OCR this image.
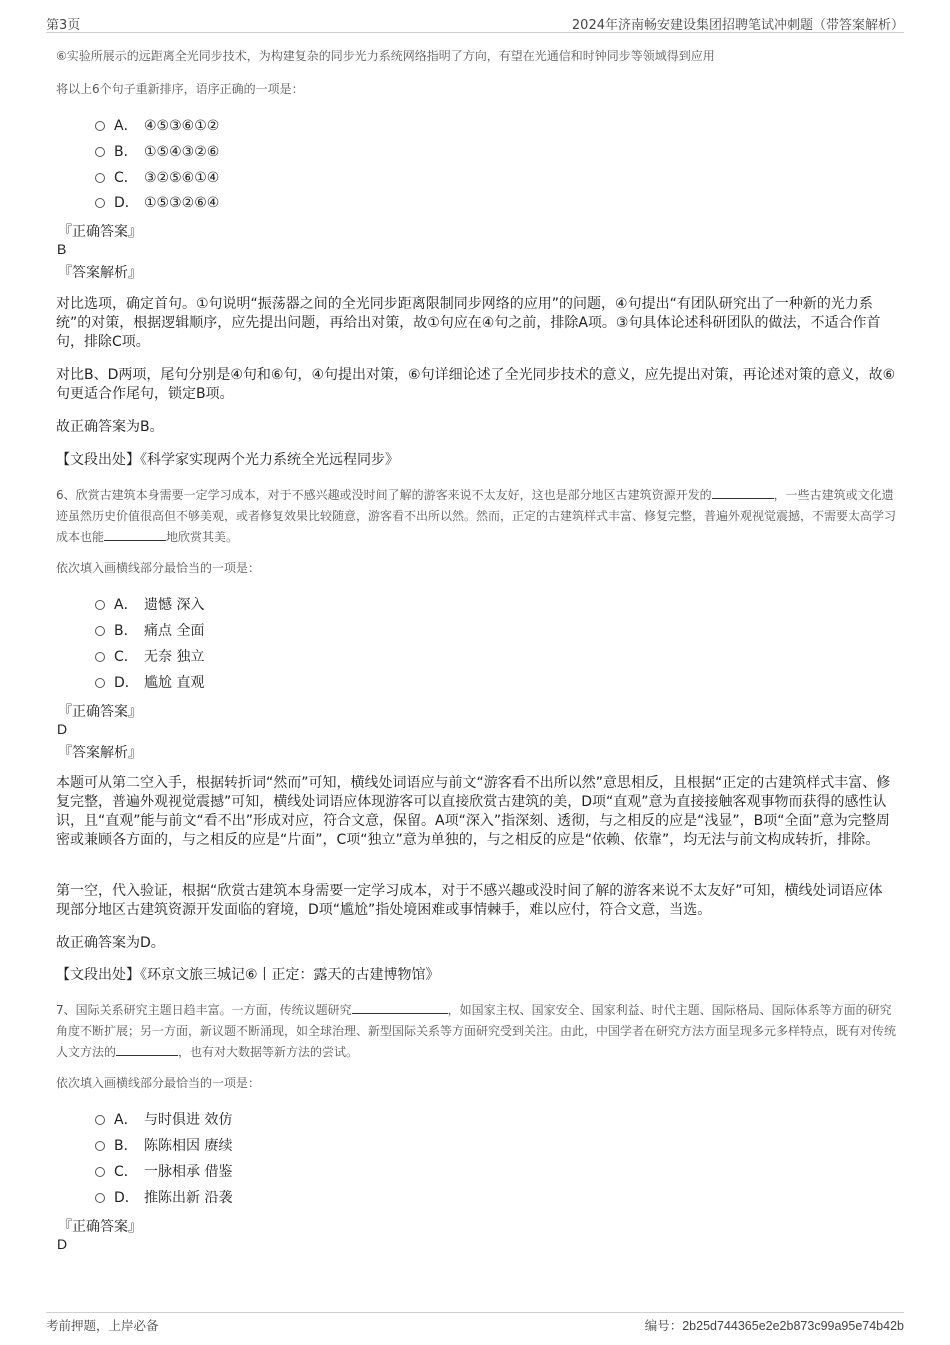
第3页	2024年济南畅安建设集团招聘笔试冲刺题（带答案解析）
⑥实验所展示的远距离全光同步技术，为构建复杂的同步光力系统网络指明了方向，有望在光通信和时钟同步等领域得到应用
将以上6个句子重新排序，语序正确的一项是：
A． ④⑤③⑥①②
B． ①⑤④③②⑥
C． ③②⑤⑥①④
D． ①⑤③②⑥④
『正确答案』
B
『答案解析』
对比选项，确定首句。①句说明“振荡器之间的全光同步距离限制同步网络的应用”的问题，④句提出“有团队研究出了一种新的光力系统”的对策，根据逻辑顺序，应先提出问题，再给出对策，故①句应在④句之前，排除A项。③句具体论述科研团队的做法，不适合作首句，排除C项。
对比B、D两项，尾句分别是④句和⑥句，④句提出对策，⑥句详细论述了全光同步技术的意义，应先提出对策，再论述对策的意义，故⑥句更适合作尾句，锁定B项。
故正确答案为B。
【文段出处】《科学家实现两个光力系统全光远程同步》
6、欣赏古建筑本身需要一定学习成本，对于不感兴趣或没时间了解的游客来说不太友好，这也是部分地区古建筑资源开发的	，一些古建筑或文化遗迹虽然历史价值很高但不够美观，或者修复效果比较随意，游客看不出所以然。然而，正定的古建筑样式丰富、修复完整，普遍外观视觉震撼，不需要太高学习成本也能	地欣赏其美。
依次填入画横线部分最恰当的一项是：
A． 遗憾 深入
B． 痛点 全面
C． 无奈 独立
D． 尴尬 直观
『正确答案』
D
『答案解析』
本题可从第二空入手，根据转折词“然而”可知，横线处词语应与前文“游客看不出所以然”意思相反，且根据“正定的古建筑样式丰富、修复完整，普遍外观视觉震撼”可知，横线处词语应体现游客可以直接欣赏古建筑的美，D项“直观”意为直接接触客观事物而获得的感性认识，且“直观”能与前文“看不出”形成对应，符合文意，保留。A项“深入”指深刻、透彻，与之相反的应是“浅显”，B项“全面”意为完整周密或兼顾各方面的，与之相反的应是“片面”，C项“独立”意为单独的，与之相反的应是“依赖、依靠”，均无法与前文构成转折，排除。
第一空，代入验证，根据“欣赏古建筑本身需要一定学习成本，对于不感兴趣或没时间了解的游客来说不太友好”可知，横线处词语应体现部分地区古建筑资源开发面临的窘境，D项“尴尬”指处境困难或事情棘手，难以应付，符合文意，当选。
故正确答案为D。
【文段出处】《环京文旅三城记⑥丨正定：露天的古建博物馆》
7、国际关系研究主题日趋丰富。一方面，传统议题研究	，如国家主权、国家安全、国家利益、时代主题、国际格局、国际体系等方面的研究角度不断扩展；另一方面，新议题不断涌现，如全球治理、新型国际关系等方面研究受到关注。由此，中国学者在研究方法方面呈现多元多样特点，既有对传统人文方法的	，也有对大数据等新方法的尝试。
依次填入画横线部分最恰当的一项是：
A． 与时俱进 效仿
B． 陈陈相因 赓续
C． 一脉相承 借鉴
D． 推陈出新 沿袭
『正确答案』
D
考前押题，上岸必备	编号：2b25d744365e2e2b873c99a95e74b42b
